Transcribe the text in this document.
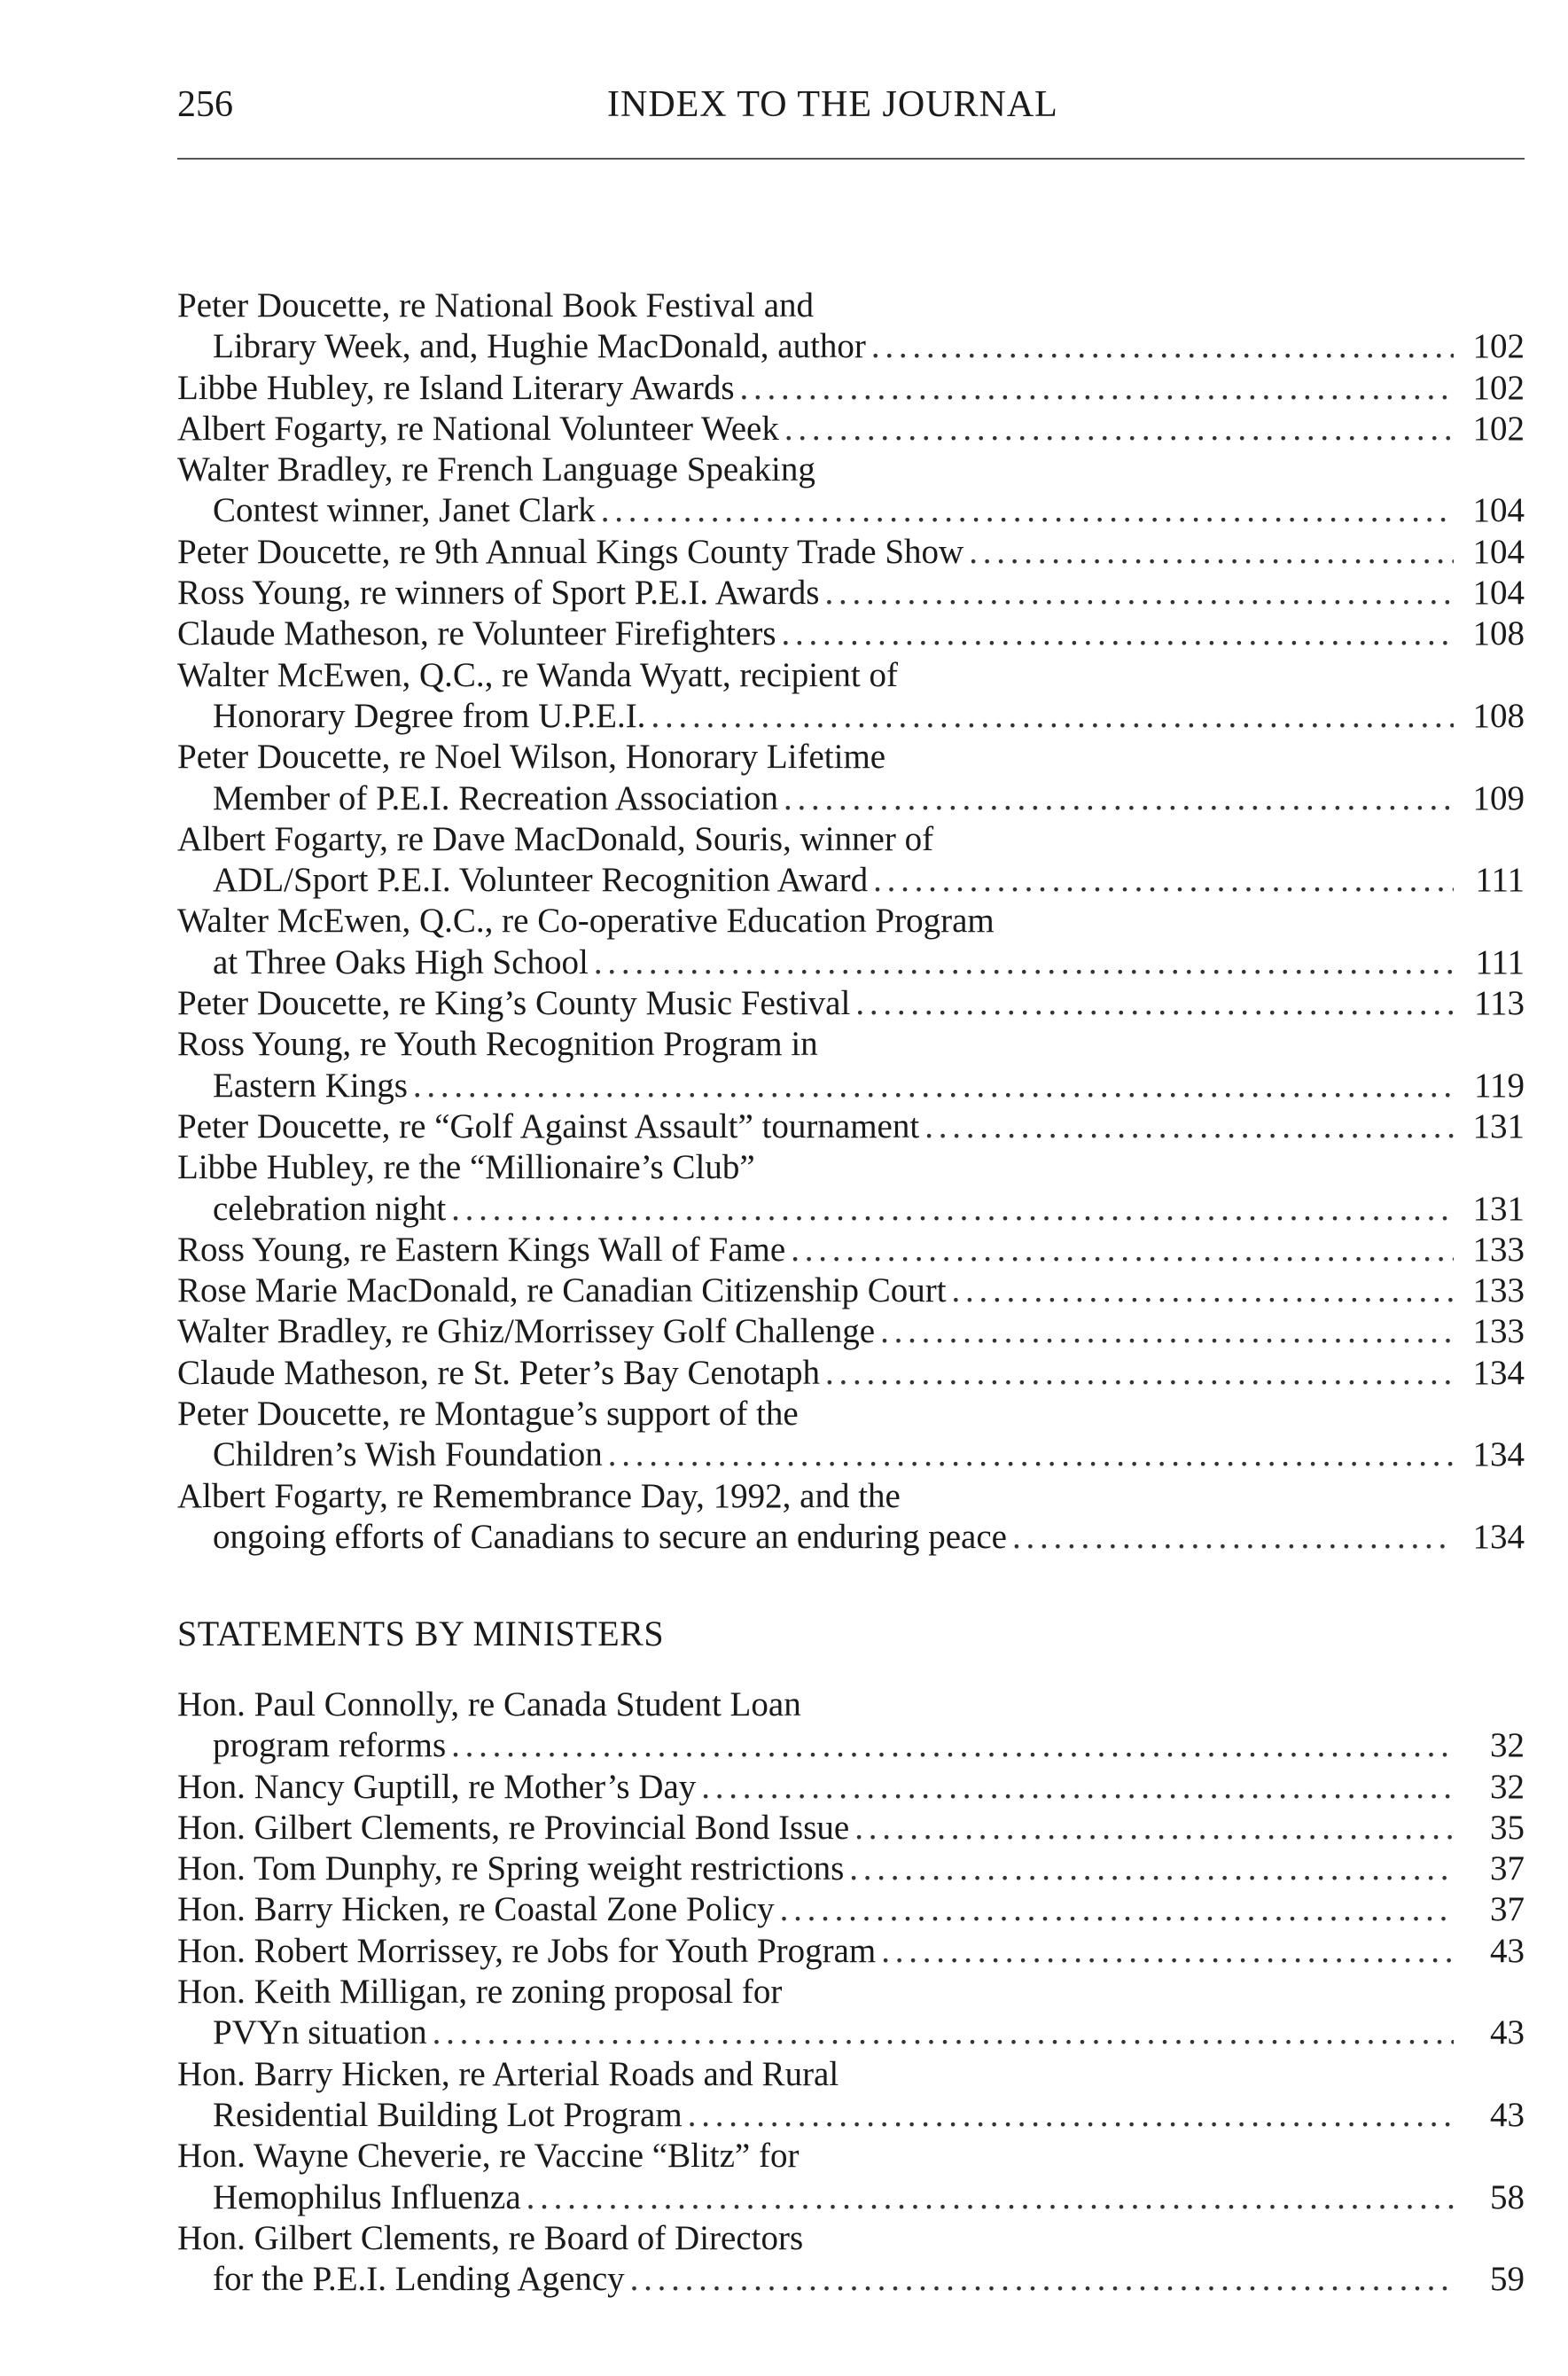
256	INDEX TO THE JOURNAL
Peter Doucette, re National Book Festival and
Library Week, and, Hughie MacDonald, author . . .	102
Libbe Hubley, re Island Literary Awards . . .	102
Albert Fogarty, re National Volunteer Week . . .	102
Walter Bradley, re French Language Speaking
Contest winner, Janet Clark . . .	104
Peter Doucette, re 9th Annual Kings County Trade Show . . .	104
Ross Young, re winners of Sport P.E.I. Awards . . .	104
Claude Matheson, re Volunteer Firefighters . . .	108
Walter McEwen, Q.C., re Wanda Wyatt, recipient of
Honorary Degree from U.P.E.I. . . .	108
Peter Doucette, re Noel Wilson, Honorary Lifetime
Member of P.E.I. Recreation Association . . .	109
Albert Fogarty, re Dave MacDonald, Souris, winner of
ADL/Sport P.E.I. Volunteer Recognition Award . . .	111
Walter McEwen, Q.C., re Co-operative Education Program
at Three Oaks High School . . .	111
Peter Doucette, re King’s County Music Festival . . .	113
Ross Young, re Youth Recognition Program in
Eastern Kings . . .	119
Peter Doucette, re “Golf Against Assault” tournament . . .	131
Libbe Hubley, re the “Millionaire’s Club”
celebration night . . .	131
Ross Young, re Eastern Kings Wall of Fame . . .	133
Rose Marie MacDonald, re Canadian Citizenship Court . . .	133
Walter Bradley, re Ghiz/Morrissey Golf Challenge . . .	133
Claude Matheson, re St. Peter’s Bay Cenotaph . . .	134
Peter Doucette, re Montague’s support of the
Children’s Wish Foundation . . .	134
Albert Fogarty, re Remembrance Day, 1992, and the
ongoing efforts of Canadians to secure an enduring peace . . .	134
STATEMENTS BY MINISTERS
Hon. Paul Connolly, re Canada Student Loan
program reforms . . .	32
Hon. Nancy Guptill, re Mother’s Day . . .	32
Hon. Gilbert Clements, re Provincial Bond Issue . . .	35
Hon. Tom Dunphy, re Spring weight restrictions . . .	37
Hon. Barry Hicken, re Coastal Zone Policy . . .	37
Hon. Robert Morrissey, re Jobs for Youth Program . . .	43
Hon. Keith Milligan, re zoning proposal for
PVYn situation . . .	43
Hon. Barry Hicken, re Arterial Roads and Rural
Residential Building Lot Program . . .	43
Hon. Wayne Cheverie, re Vaccine “Blitz” for
Hemophilus Influenza . . .	58
Hon. Gilbert Clements, re Board of Directors
for the P.E.I. Lending Agency . . .	59
